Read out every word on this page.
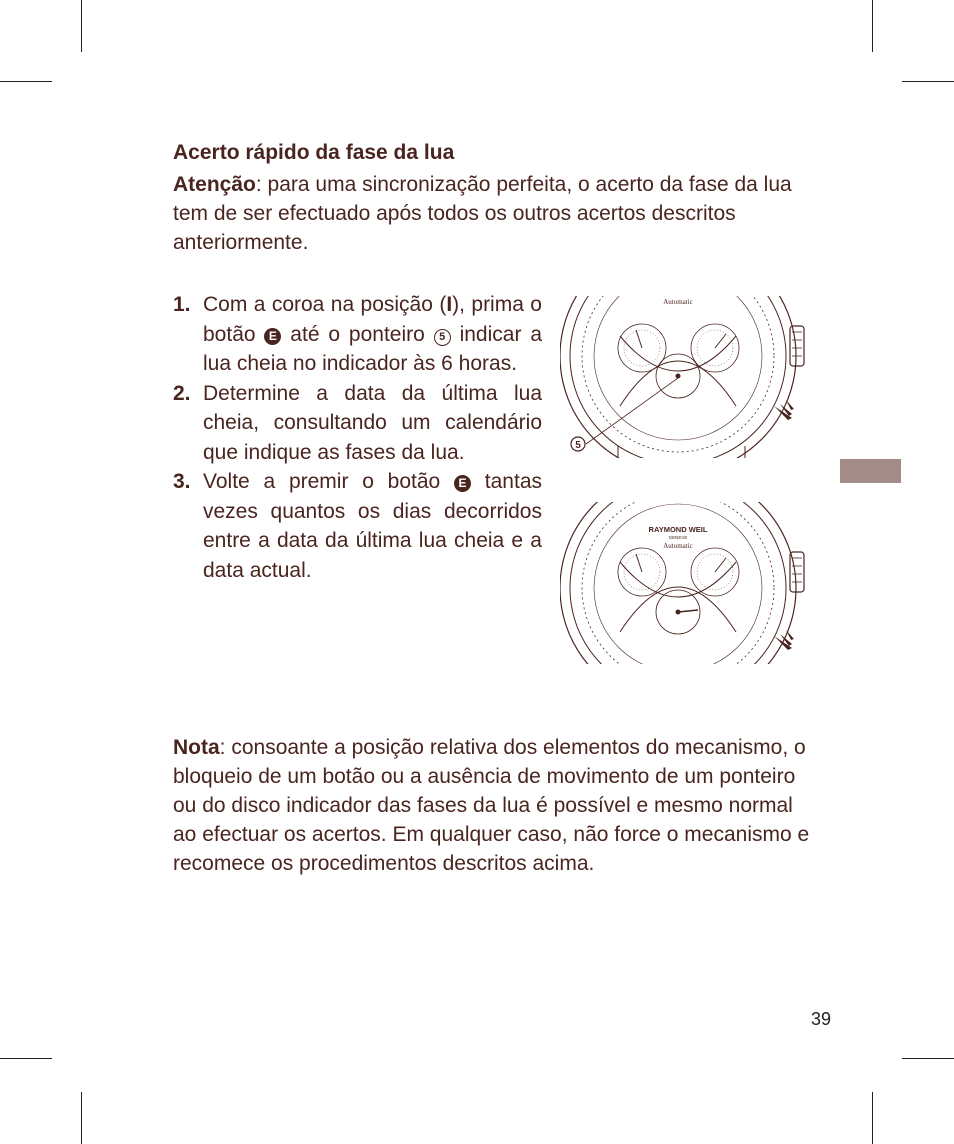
Acerto rápido da fase da lua
Atenção: para uma sincronização perfeita, o acerto da fase da lua tem de ser efectuado após todos os outros acertos descritos anteriormente.
1. Com a coroa na posição (I), prima o botão E até o ponteiro 5 indicar a lua cheia no indicador às 6 horas.
2. Determine a data da última lua cheia, consultando um calendário que indique as fases da lua.
3. Volte a premir o botão E tantas vezes quantos os dias decorridos entre a data da última lua cheia e a data actual.
5
Automatic
RAYMOND WEIL
GENEVE
Automatic
Nota: consoante a posição relativa dos elementos do mecanismo, o bloqueio de um botão ou a ausência de movimento de um ponteiro ou do disco indicador das fases da lua é possível e mesmo normal ao efectuar os acertos. Em qualquer caso, não force o mecanismo e recomece os procedimentos descritos acima.
39
